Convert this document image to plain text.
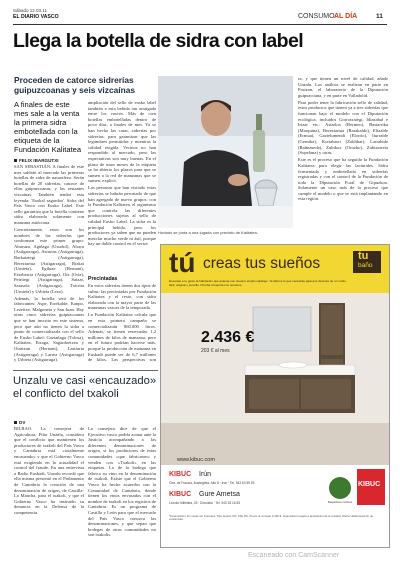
Sábado 12.03.11
EL DIARIO VASCO	CONSUMO AL DÍA	11
Llega la botella de sidra con label
Proceden de catorce sidrerías guipuzcoanas y seis vizcaínas
A finales de este mes sale a la venta la primera sidra embotellada con la etiqueta de la Fundación Kalitatea
FELIX IBARGUTXI

SAN SEBASTIÁN. A finales de este mes saldrán al mercado las primeras botellas de sidra de naturaleza. Serán botellas de 20 sidrerías, catorce de ellas guipuzcoanas, y las restantes vizcaínas. También tendrá esta leyenda: 'Euskal sagardoa'. Sidra del País Vasco con Eusko Label. Este sello garantiza que la botella contiene sidra elaborada solamente con manzana autóctona.

Concretamente, estos son los nombres de las sidrerías que conforman este primer grupo: Aburuza, Agiñaga (Usurbil), Alorra (Astigarraga), Asturias (Astigarraga), Barkaiztegi (Astigarraga), Bereziartua (Astigarraga), Bizkai (Urnieta), Egiluze (Hernani), Etxeberria (Astigarraga), Oiz (Oria), Petritegi (Astigarraga), Saizar, Sarasola (Astigarraga), Txirrita (Urnieta) y Urbieta (Lezo).

Además, la botella será de los fabricantes: Aspe, Errekalde, Kanpo, Lezeitxe, Malgoneta y San Juan. Hay otras cinco sidrerías guipuzcoanas que se han inscrito en este sistema, pero que aún no tienen la sidra a punto de comercializarla con el sello de Eusko Label: Gaztañaga (Tolosa), Kalitatea, Eizaga, Sagardoetxea y Oiartzun (Hernani), Lastarria (Astigarraga) y Larrea (Astigarraga) y Urbieta (Astigarraga).

ampliación del sello de eusko label también a esta bebida tan arraigada entre los vascos. Más de cien botellas embotelladas dentro de poco días, a finales de mes. Ya se han hecho las catas, sidrerías por sidrerías, para garantizar que las legumbres permitidas y mientras la calidad exigida. Vecinos no han respondido al mercado, pero las expectativas son muy buenas. En el plazo de unos meses de la etiqueta se ha abierto los plazos para que se sumen a la red de manzanas que se sumen, explicó.

Las personas que han visitado estas sidrerías se habrán percatado de que han agregado de nuevo grupos: con la Fundación Kalitatea, el organismo que controla las diferentes producciones sujetas al sello de calidad Eusko Label. La sidra es la principal bebida, pero los productores ya saben que no pueden mezclar mucho verde ni ásil, porque hay un doble control en el sector.

Precintadas

En estos sidrerías tienen dos tipos de cubas: las precintadas por Fundación Kalitatea y el resto, con sidra elaborada con la mayor parte de las manzanas vascas de la temporada.

La Fundación Kalitatea calcula que en esta primera campaña se comercializarán 860.000 litros. Además, se tienen reservadas 1,2 millones de kilos de manzana, pero en el futuro podrían hacerse más, porque la producción de manzana en Euskadi puede ser de 6,7 millones de kilos. Las perspectivas son

Hurtado se junta a una lugada con precinto de Kalitatea.

ra, y que tienen un nivel de calidad, añade Unzalu. Los análisis se realizan en parte en Fruizon, el laboratorio de la Diputación guipuzcoana, y en parte en Valladolid.

Para poder tener la fabricación sello de calidad, estos productos que tienen ya a tres sidrerías que funcionan bajo el modelo con el Diputación ecológica, incluidos Gorrotxategi, Idiazabal e Irizar etc.: Astarloa (Bermeo), Bastarrika (Marquina), Bereziartua (Barakaldo), Elizalde (Ermua), Gaztelumendi (Elorrio), Iturralde (Gernika), Kortabarri (Zaldibar), Larrabide (Balmaseda), Zubikoa (Orozko), Zubizarreta (Sopelana) y otras.

Este es el proceso que ha seguido la Fundación Kalitatea para elegir las lacturales. Sidra fermentada y embotellada en sidrerías registradas y con el control de la Fundación de toda la Diputación Foral de Gipuzkoa. Solamente un caso más de la proceso que cumple el modelo o que se está implantando en esta región.

Unzalu ve casi «encauzado» el conflicto del txakoli
DV

BILBAO. La consejera de Agricultura, Pilar Unzalu, considera que el conflicto que mantienen los productores de txakoli del País Vasco y Cantabria está «totalmente encauzado» y que el Gobierno Vasco está exigiendo en la actualidad el control del fraude. En una entrevista a Radio Euskadi, Unzalu recordó que ella misma presentó en el Parlamento de Cantabria la creación de una denominación de origen, de Castilla-La Mancha, para el txakoli, y que el Gobierno Vasco ha instruido su denuncia en la Defensa de la competencia.

La consejera dice de que el Ejecutivo vasco podría actuar ante la Justicia acompañando a las diferentes denominaciones de origen, si los productores de estas comunidades «que fabricaron» y venden con «Txakoli» en las etiquetas. Lo de la bodega que fabrica su vino en la denominación de txakoli. Existe que el Gobierno Vasco ha hecho acuerdos con la Comunidad de Cantabria, donde tienen los vinos envasados con el nombre de txakoli en los registros de Cantabria. Es un programa de Castilla y León para que el mercado del País Vasco conozca las denominaciones, y que sepan que bodegas de otras comunidades no son txakolis.

tú creas tus sueños	tu
baño
Decórate a tu gusto la habitación que quieras con nuestro amplio catálogo. Te damos lo que necesitas para que decores de un modo fácil, original y sencillo. Prueba a hacerla con nosotros.
2.436 €
203 € al mes
www.kibuc.com
KIBUC Irún
Ctra. de Francia, Ikaztegieta, Alto 8 · Irun · Tel. 943 63 59 59
KIBUC Gure Ametsa
Lezoko Ibilbidea, 33 · Donostia · Tel. 943 33 16 83	Requisitos mínimos
KIBUC
*Financiación 12 meses sin intereses. Tipo deudor 0%. TAE 0%. Precio al contado 2.436 €. Financiación sujeta a aprobación de la entidad. Oferta válida hasta fin de existencias.
Escaneado con CamScanner
